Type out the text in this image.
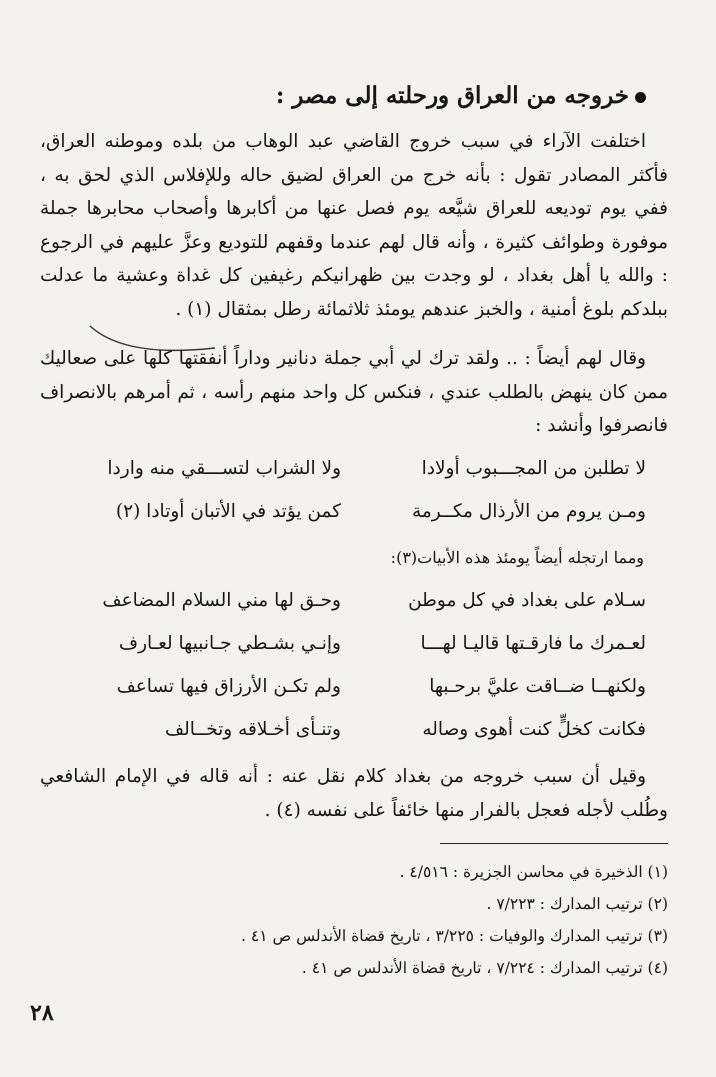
خروجه من العراق ورحلته إلى مصر :

اختلفت الآراء في سبب خروج القاضي عبد الوهاب من بلده وموطنه العراق، فأكثر المصادر تقول : بأنه خرج من العراق لضيق حاله وللإفلاس الذي لحق به ، ففي يوم توديعه للعراق شيَّعه يوم فصل عنها من أكابرها وأصحاب محابرها جملة موفورة وطوائف كثيرة ، وأنه قال لهم عندما وقفهم للتوديع وعزَّ عليهم في الرجوع : والله يا أهل بغداد ، لو وجدت بين ظهرانيكم رغيفين كل غداة وعشية ما عدلت ببلدكم بلوغ أمنية ، والخبز عندهم يومئذ ثلاثمائة رطل بمثقال (١) .

وقال لهم أيضاً : .. ولقد ترك لي أبي جملة دنانير وداراً أنفقتها كلها على صعاليك ممن كان ينهض بالطلب عندي ، فنكس كل واحد منهم رأسه ، ثم أمرهم بالانصراف فانصرفوا وأنشد :

لا تطلبن من المجـــبوب أولادا
ولا الشراب لتســـقي منه واردا
ومـن يروم من الأرذال مكــرمة
كمن يؤتد في الأتبان أوتادا (٢)
ومما ارتجله أيضاً يومئذ هذه الأبيات(٣):
سـلام على بغداد في كل موطن
وحـق لها مني السلام المضاعف
لعـمرك ما فارقـتها قاليـا لهـــا
وإنـي بشـطي جـانبيها لعـارف
ولكنهــا ضــاقت عليَّ برحـبها
ولم تكـن الأرزاق فيها تساعف
فكانت كخلٍّ كنت أهوى وصاله
وتنـأى أخـلاقه وتخــالف

وقيل أن سبب خروجه من بغداد كلام نقل عنه : أنه قاله في الإمام الشافعي وطُلب لأجله فعجل بالفرار منها خائفاً على نفسه (٤) .

(١) الذخيرة في محاسن الجزيرة : ٤/٥١٦ .
(٢) ترتيب المدارك : ٧/٢٢٣ .
(٣) ترتيب المدارك والوفيات : ٣/٢٢٥ ، تاريخ قضاة الأندلس ص ٤١ .
(٤) ترتيب المدارك : ٧/٢٢٤ ، تاريخ قضاة الأندلس ص ٤١ .
٢٨
